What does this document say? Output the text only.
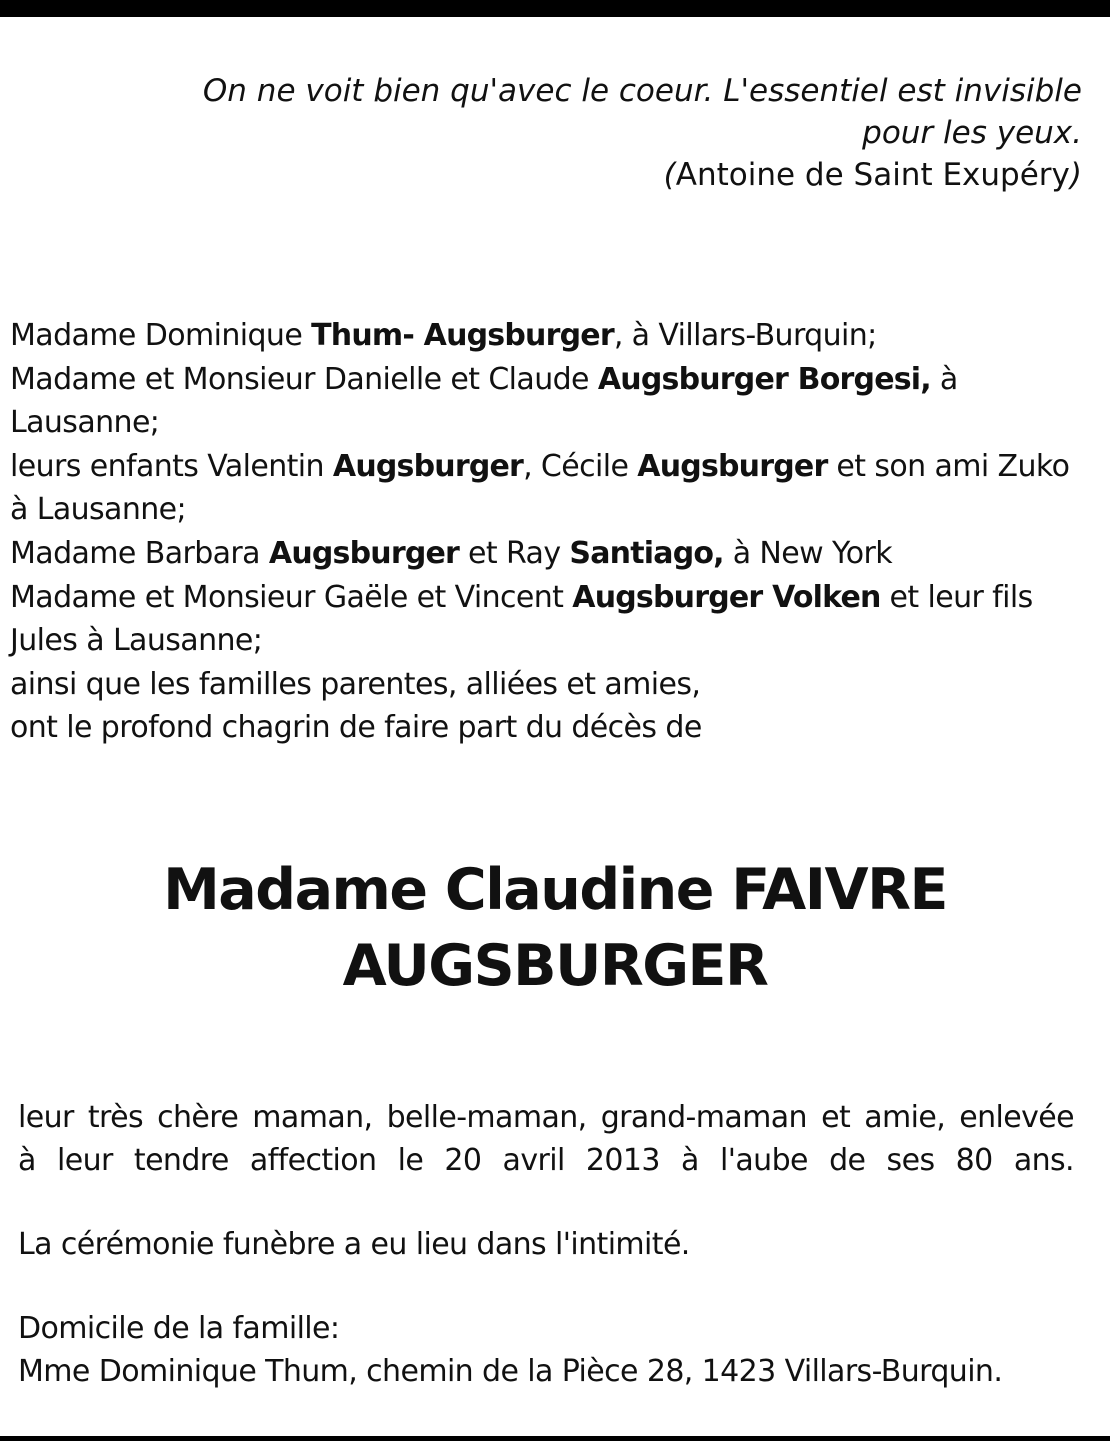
On ne voit bien qu'avec le coeur. L'essentiel est invisible
pour les yeux.
(Antoine de Saint Exupéry)
Madame Dominique Thum- Augsburger, à Villars-Burquin;
Madame et Monsieur Danielle et Claude Augsburger Borgesi, à
Lausanne;
leurs enfants Valentin Augsburger, Cécile Augsburger et son ami Zuko
à Lausanne;
Madame Barbara Augsburger et Ray Santiago, à New York
Madame et Monsieur Gaële et Vincent Augsburger Volken et leur fils
Jules à Lausanne;
ainsi que les familles parentes, alliées et amies,
ont le profond chagrin de faire part du décès de
Madame Claudine FAIVRE
AUGSBURGER
leur très chère maman, belle-maman, grand-maman et amie, enlevée
à leur tendre affection le 20 avril 2013 à l'aube de ses 80 ans.
La cérémonie funèbre a eu lieu dans l'intimité.
Domicile de la famille:
Mme Dominique Thum, chemin de la Pièce 28, 1423 Villars-Burquin.
